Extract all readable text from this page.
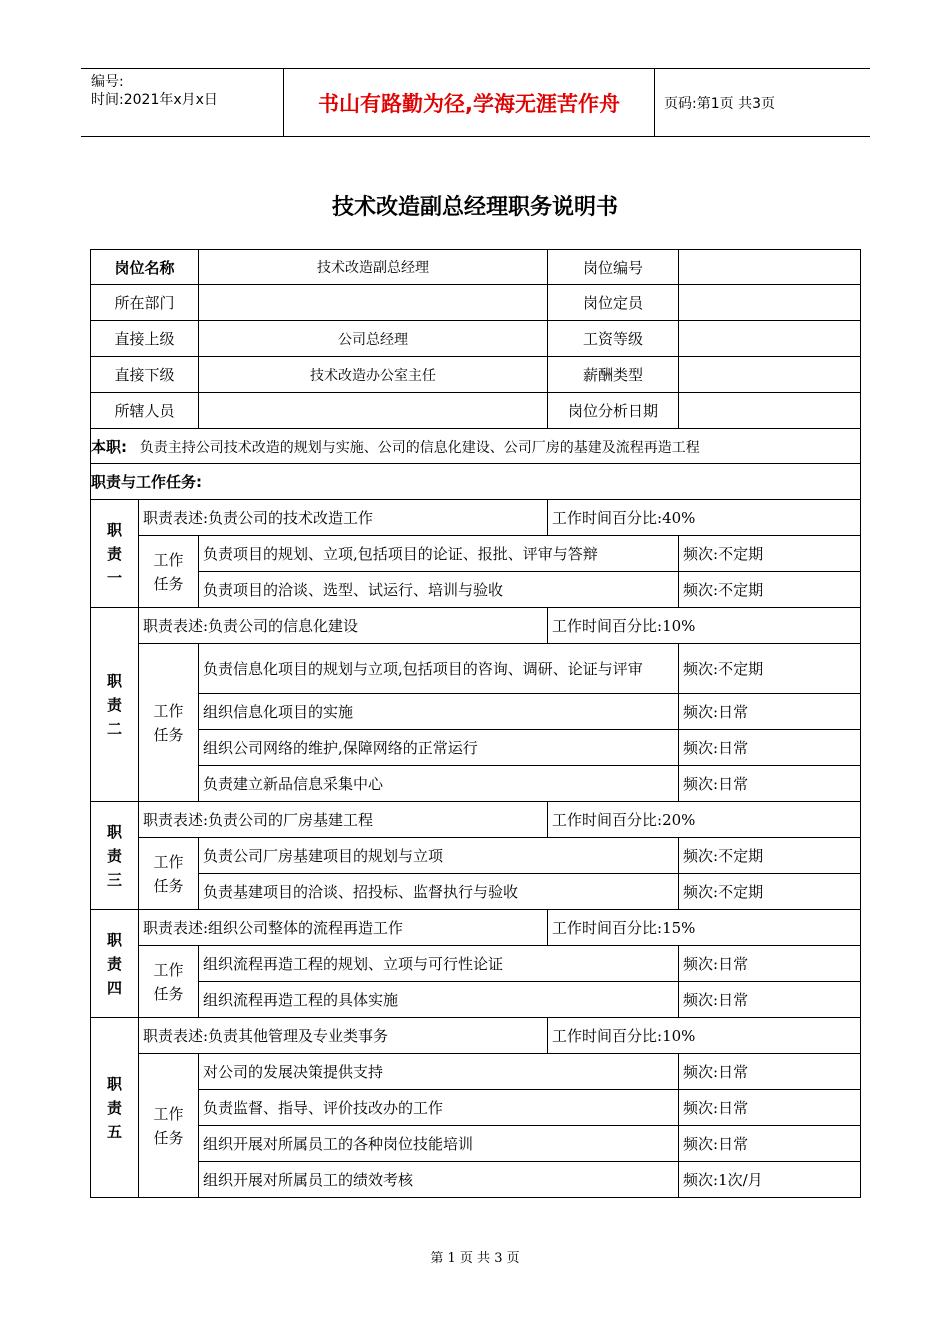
编号:
时间:2021年x月x日	书山有路勤为径,学海无涯苦作舟	页码:第1页 共3页
技术改造副总经理职务说明书
岗位名称		技术改造副总经理	岗位编号	
所在部门			岗位定员	
直接上级		公司总经理	工资等级	
直接下级		技术改造办公室主任	薪酬类型	
所辖人员			岗位分析日期	
本职: 负责主持公司技术改造的规划与实施、公司的信息化建设、公司厂房的基建及流程再造工程				
职责与工作任务:				

职
责
一	职责表述:负责公司的技术改造工作		工作时间百分比:40%	

	工作
任务	负责项目的规划、立项,包括项目的论证、报批、评审与答辩		频次:不定期
		负责项目的洽谈、选型、试运行、培训与验收		频次:不定期

职
责
二	职责表述:负责公司的信息化建设		工作时间百分比:10%	

	工作
任务	负责信息化项目的规划与立项,包括项目的咨询、调研、论证与评审		频次:不定期
		组织信息化项目的实施		频次:日常
		组织公司网络的维护,保障网络的正常运行		频次:日常
		负责建立新品信息采集中心		频次:日常

职
责
三	职责表述:负责公司的厂房基建工程		工作时间百分比:20%	

	工作
任务	负责公司厂房基建项目的规划与立项		频次:不定期
		负责基建项目的洽谈、招投标、监督执行与验收		频次:不定期

职
责
四	职责表述:组织公司整体的流程再造工作		工作时间百分比:15%	

	工作
任务	组织流程再造工程的规划、立项与可行性论证		频次:日常
		组织流程再造工程的具体实施		频次:日常

职
责
五	职责表述:负责其他管理及专业类事务		工作时间百分比:10%	

	工作
任务	对公司的发展决策提供支持		频次:日常
		负责监督、指导、评价技改办的工作		频次:日常
		组织开展对所属员工的各种岗位技能培训		频次:日常
		组织开展对所属员工的绩效考核		频次:1次/月
第 1 页 共 3 页
